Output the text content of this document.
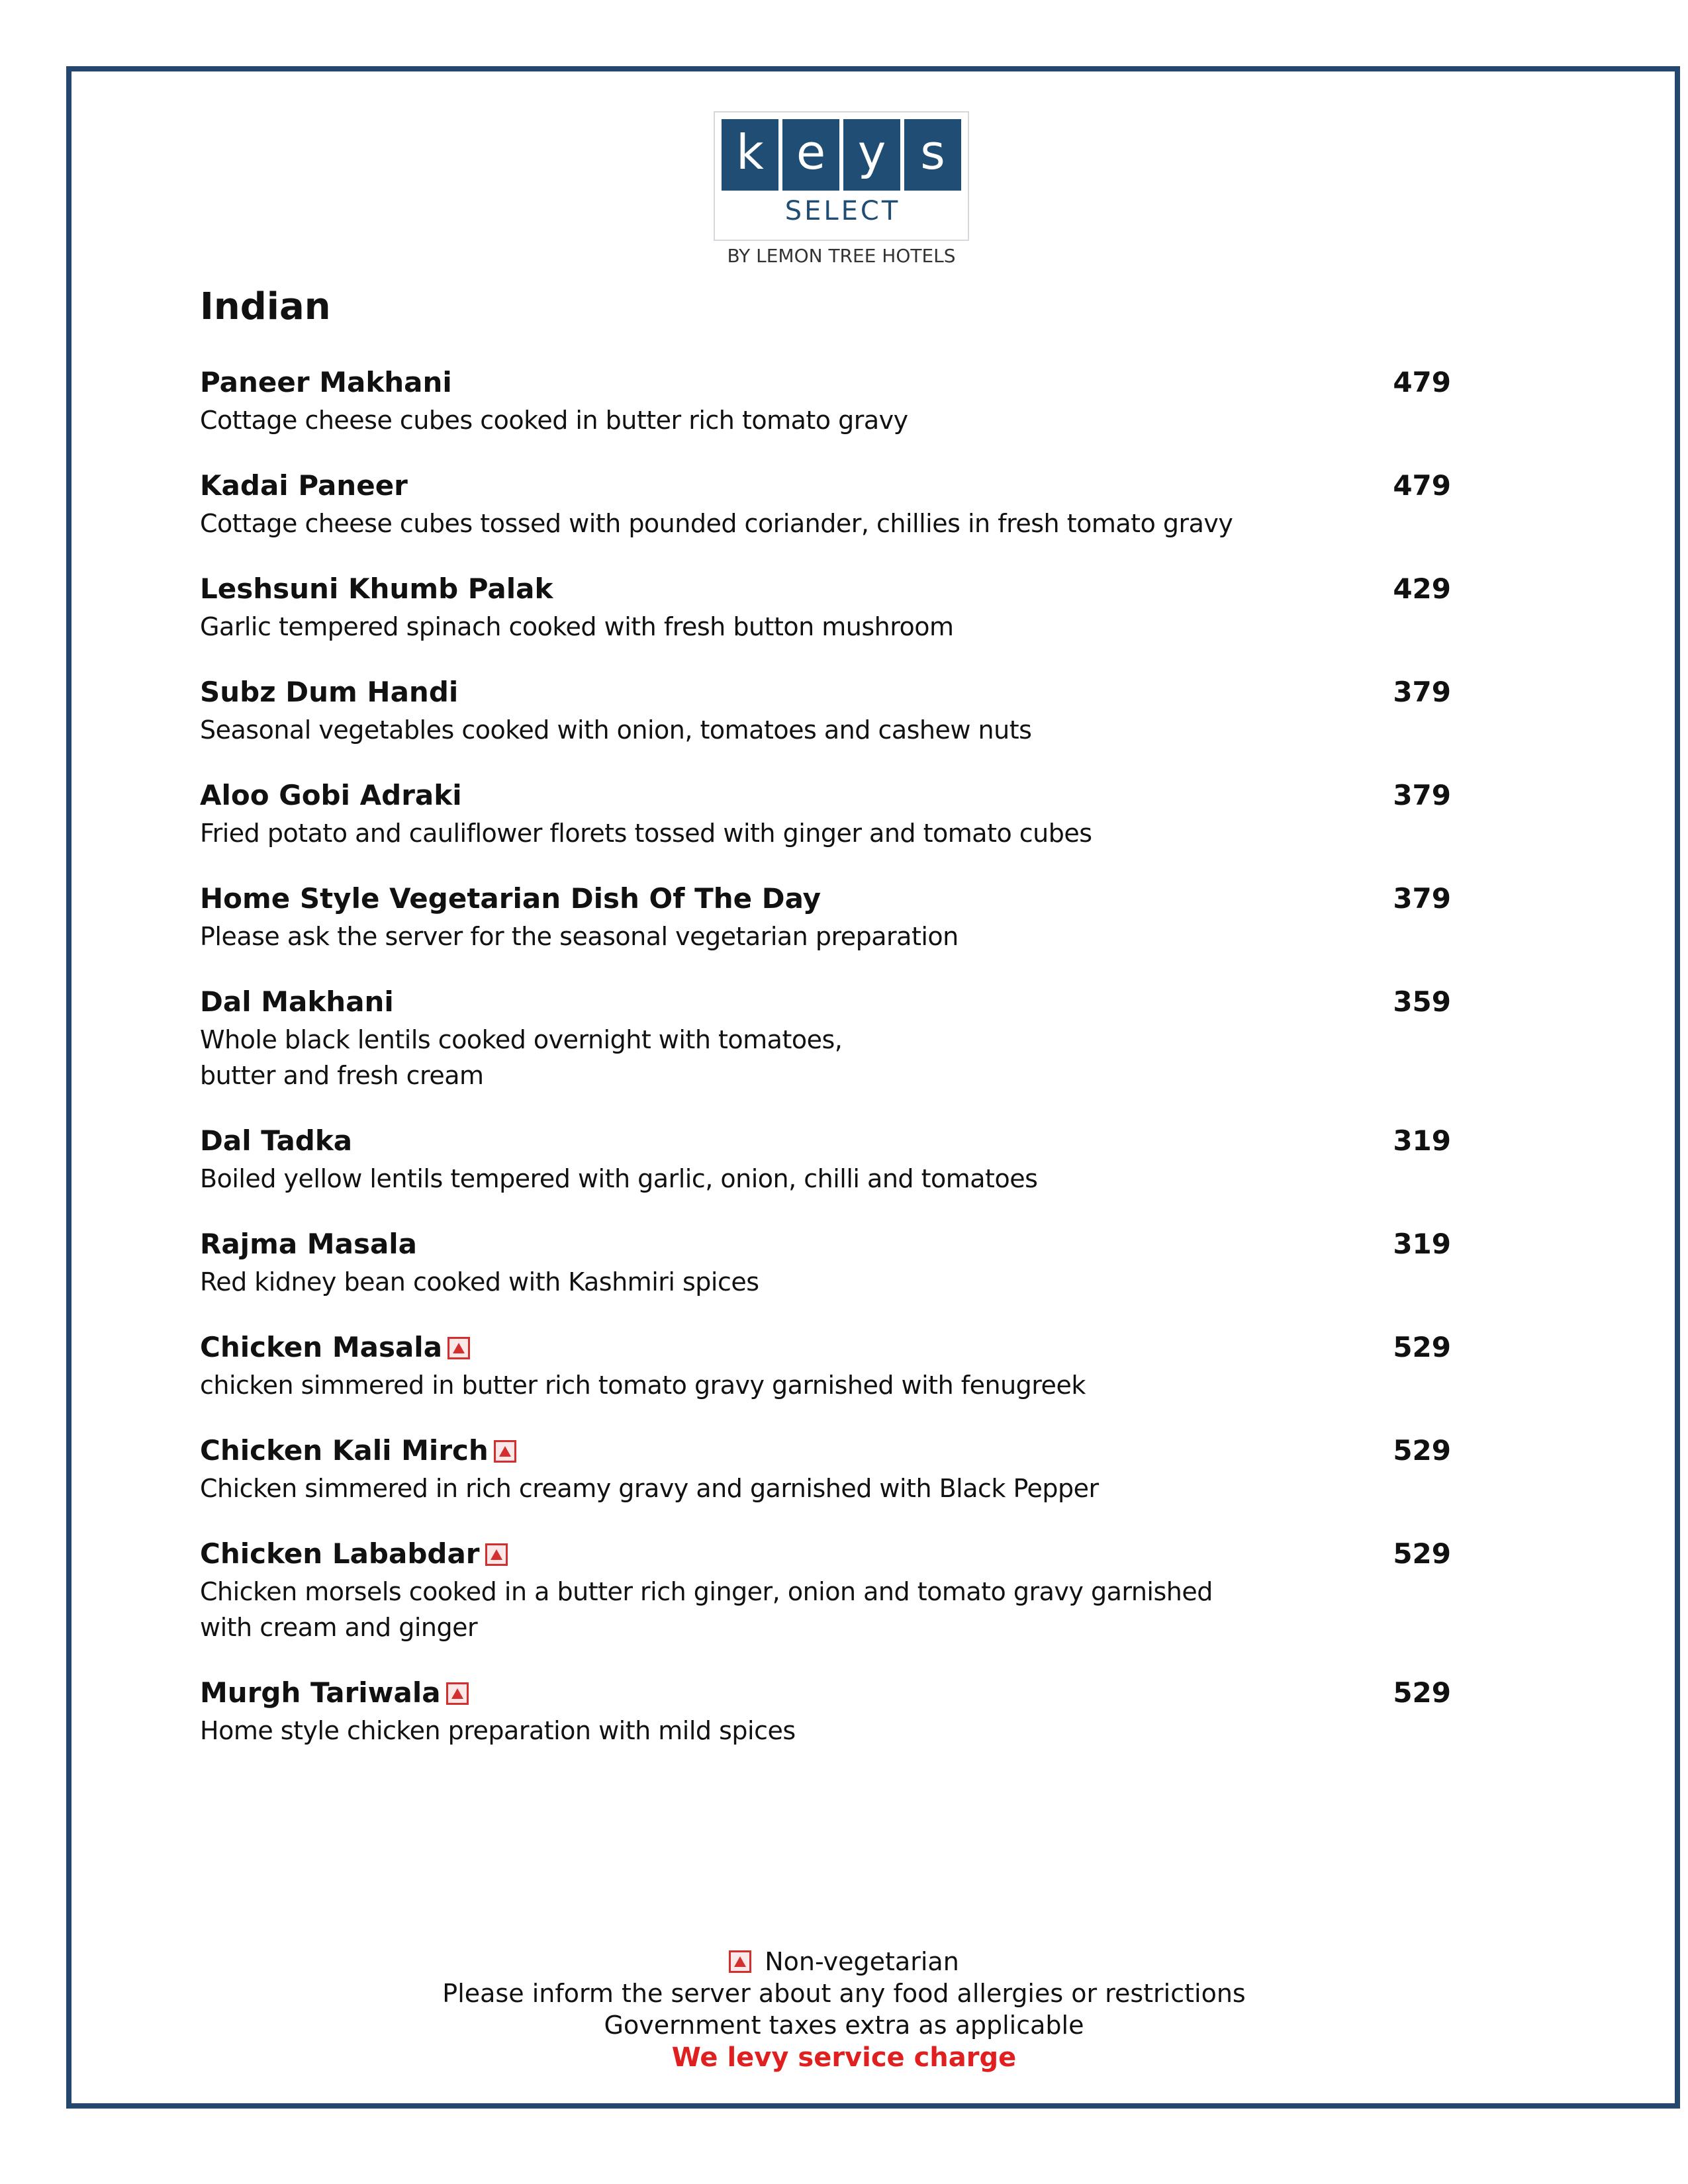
k e y s
SELECT
BY LEMON TREE HOTELS
Indian
Paneer Makhani	479
Cottage cheese cubes cooked in butter rich tomato gravy
Kadai Paneer	479
Cottage cheese cubes tossed with pounded coriander, chillies in fresh tomato gravy
Leshsuni Khumb Palak	429
Garlic tempered spinach cooked with fresh button mushroom
Subz Dum Handi	379
Seasonal vegetables cooked with onion, tomatoes and cashew nuts
Aloo Gobi Adraki	379
Fried potato and cauliflower florets tossed with ginger and tomato cubes
Home Style Vegetarian Dish Of The Day	379
Please ask the server for the seasonal vegetarian preparation
Dal Makhani	359
Whole black lentils cooked overnight with tomatoes,
butter and fresh cream
Dal Tadka	319
Boiled yellow lentils tempered with garlic, onion, chilli and tomatoes
Rajma Masala	319
Red kidney bean cooked with Kashmiri spices
Chicken Masala	529
chicken simmered in butter rich tomato gravy garnished with fenugreek
Chicken Kali Mirch	529
Chicken simmered in rich creamy gravy and garnished with Black Pepper
Chicken Lababdar	529
Chicken morsels cooked in a butter rich ginger, onion and tomato gravy garnished
with cream and ginger
Murgh Tariwala	529
Home style chicken preparation with mild spices
Non-vegetarian
Please inform the server about any food allergies or restrictions
Government taxes extra as applicable
We levy service charge
